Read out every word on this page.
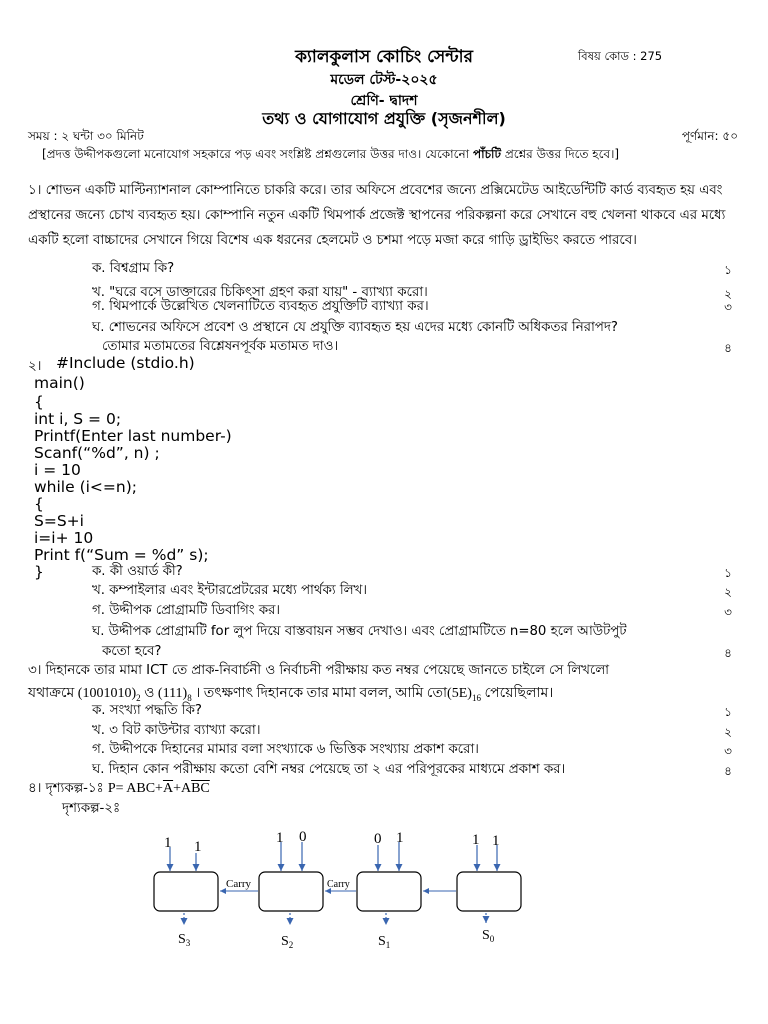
ক্যালকুলাস কোচিং সেন্টার	বিষয় কোড : 275
মডেল টেস্ট-২০২৫
শ্রেণি- দ্বাদশ
তথ্য ও যোগাযোগ প্রযুক্তি (সৃজনশীল)
সময় : ২ ঘন্টা ৩০ মিনিট	পূর্ণমান: ৫০
[প্রদত্ত উদ্দীপকগুলো মনোযোগ সহকারে পড় এবং সংশ্লিষ্ট প্রশ্নগুলোর উত্তর দাও। যেকোনো পাঁচটি প্রশ্নের উত্তর দিতে হবে।]
১। শোভন একটি মাল্টিন্যাশনাল কোম্পানিতে চাকরি করে। তার অফিসে প্রবেশের জন্যে প্রক্সিমেটেড আইডেন্টিটি কার্ড ব্যবহৃত হয় এবং প্রস্থানের জন্যে চোখ ব্যবহৃত হয়। কোম্পানি নতুন একটি থিমপার্ক প্রজেক্ট স্থাপনের পরিকল্পনা করে সেখানে বহু খেলনা থাকবে এর মধ্যে একটি হলো বাচ্চাদের সেখানে গিয়ে বিশেষ এক ধরনের হেলমেট ও চশমা পড়ে মজা করে গাড়ি ড্রাইভিং করতে পারবে।
ক. বিশ্বগ্রাম কি?	১
খ. "ঘরে বসে ডাক্তারের চিকিৎসা গ্রহণ করা যায়" - ব্যাখ্যা করো।	২
গ. থিমপার্কে উল্লেখিত খেলনাটিতে ব্যবহৃত প্রযুক্তিটি ব্যাখ্যা কর।	৩
ঘ. শোভনের অফিসে প্রবেশ ও প্রস্থানে যে প্রযুক্তি ব্যাবহৃত হয় এদের মধ্যে কোনটি অধিকতর নিরাপদ?
তোমার মতামতের বিশ্লেষনপূর্বক মতামত দাও।	৪
২। #Include (stdio.h)
main()
{
int i, S = 0;
Printf(Enter last number-)
Scanf(“%d”, n) ;
i = 10
while (i<=n);
{
S=S+i
i=i+ 10
Print f(“Sum = %d” s);
}	ক. কী ওয়ার্ড কী?	১
খ. কম্পাইলার এবং ইন্টারপ্রেটরের মধ্যে পার্থক্য লিখ।	২
গ. উদ্দীপক প্রোগ্রামটি ডিবাগিং কর।	৩
ঘ. উদ্দীপক প্রোগ্রামটি for লুপ দিয়ে বাস্তবায়ন সম্ভব দেখাও। এবং প্রোগ্রামটিতে n=80 হলে আউটপুট
কতো হবে?	৪
৩। দিহানকে তার মামা ICT তে প্রাক-নিবার্চনী ও নির্বাচনী পরীক্ষায় কত নম্বর পেয়েছে জানতে চাইলে সে লিখলো
যথাক্রমে $(1001010)_2$ ও $(111)_8$ । তৎক্ষণাৎ দিহানকে তার মামা বলল, আমি $তো(5E)_{16}$ পেয়েছিলাম।
ক. সংখ্যা পদ্ধতি কি?	১
খ. ৩ বিট কাউন্টার ব্যাখ্যা করো।	২
গ. উদ্দীপকে দিহানের মামার বলা সংখ্যাকে ৬ ভিত্তিক সংখ্যায় প্রকাশ করো।	৩
ঘ. দিহান কোন পরীক্ষায় কতো বেশি নম্বর পেয়েছে তা ২ এর পরিপূরকের মাধ্যমে প্রকাশ কর।	৪
৪। দৃশ্যকল্প-১ঃ $P= ABC+\overline{A}+A\overline{BC}$
দৃশ্যকল্প-২ঃ
1 1
1 0	0 1	1 1
Carry	Carry
$S_3$	$S_2$	$S_1$
$S_0$
